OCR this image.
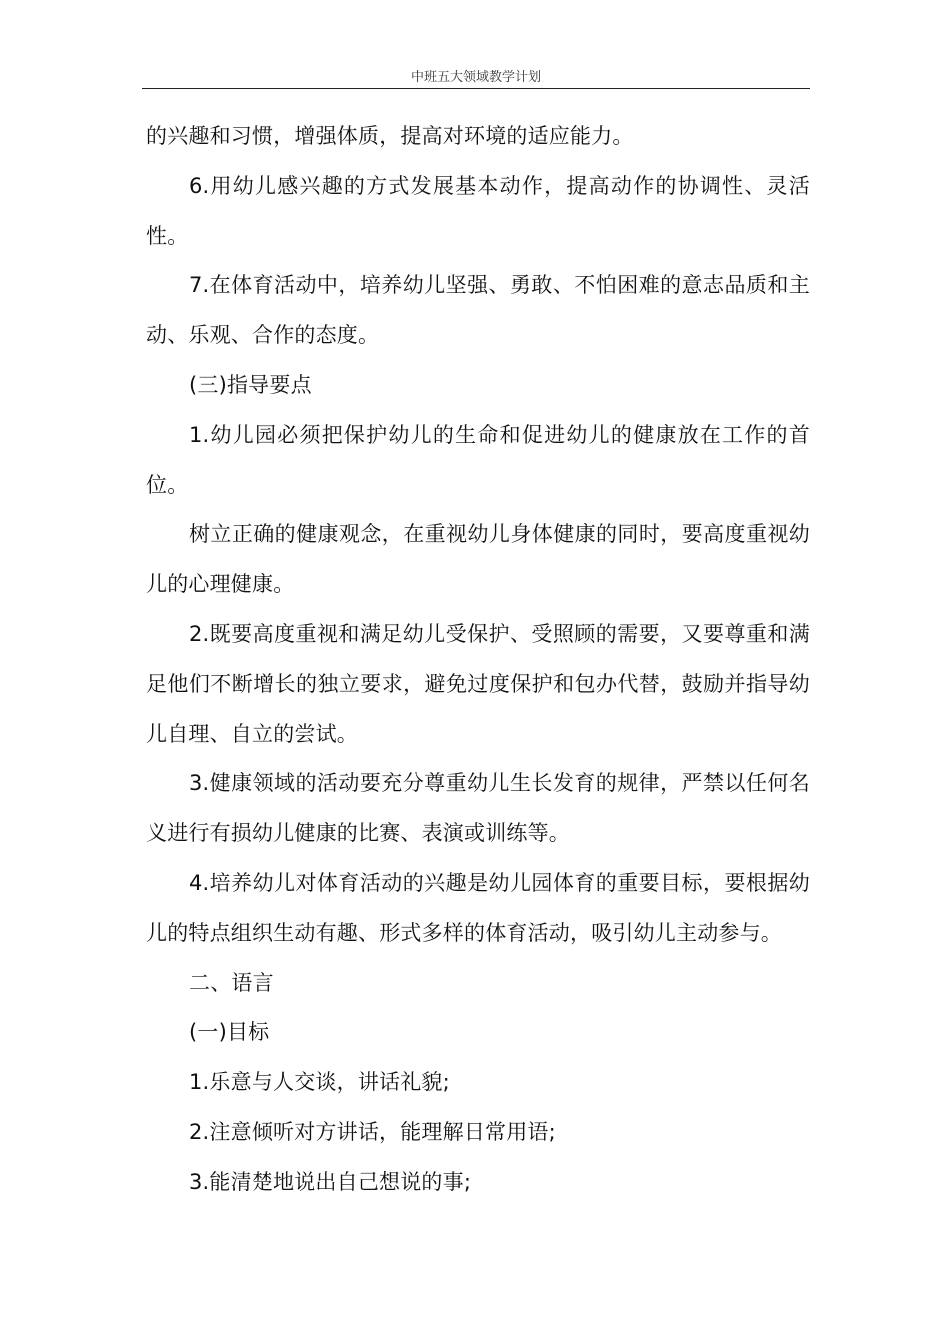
中班五大领域教学计划

的兴趣和习惯，增强体质，提高对环境的适应能力。

6.用幼儿感兴趣的方式发展基本动作，提高动作的协调性、灵活性。

7.在体育活动中，培养幼儿坚强、勇敢、不怕困难的意志品质和主动、乐观、合作的态度。

(三)指导要点

1.幼儿园必须把保护幼儿的生命和促进幼儿的健康放在工作的首位。

树立正确的健康观念，在重视幼儿身体健康的同时，要高度重视幼儿的心理健康。

2.既要高度重视和满足幼儿受保护、受照顾的需要，又要尊重和满足他们不断增长的独立要求，避免过度保护和包办代替，鼓励并指导幼儿自理、自立的尝试。

3.健康领域的活动要充分尊重幼儿生长发育的规律，严禁以任何名义进行有损幼儿健康的比赛、表演或训练等。

4.培养幼儿对体育活动的兴趣是幼儿园体育的重要目标，要根据幼儿的特点组织生动有趣、形式多样的体育活动，吸引幼儿主动参与。

二、语言

(一)目标

1.乐意与人交谈，讲话礼貌;

2.注意倾听对方讲话，能理解日常用语;

3.能清楚地说出自己想说的事;
